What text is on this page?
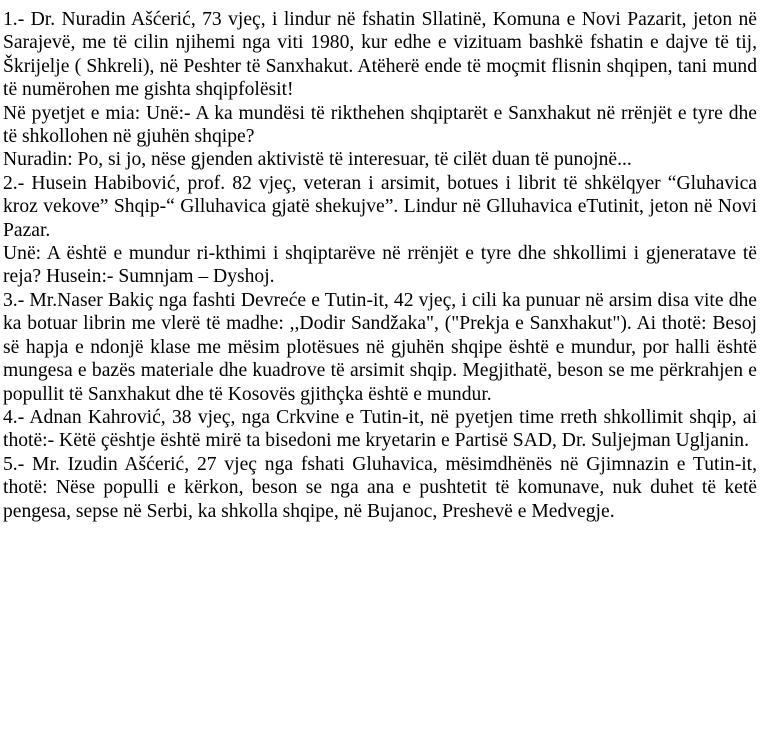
1.- Dr. Nuradin Ašćerić, 73 vjeç, i lindur në fshatin Sllatinë, Komuna e Novi Pazarit, jeton në Sarajevë, me të cilin njihemi nga viti 1980, kur edhe e vizituam bashkë fshatin e dajve të tij, Škrijelje ( Shkreli), në Peshter të Sanxhakut. Atëherë ende të moçmit flisnin shqipen, tani mund të numërohen me gishta shqipfolësit!

Në pyetjet e mia: Unë:- A ka mundësi të rikthehen shqiptarët e Sanxhakut në rrënjët e tyre dhe të shkollohen në gjuhën shqipe?

Nuradin: Po, si jo, nëse gjenden aktivistë të interesuar, të cilët duan të punojnë...

2.- Husein Habibović, prof. 82 vjeç, veteran i arsimit, botues i librit të shkëlqyer “Gluhavica kroz vekove” Shqip-“ Glluhavica gjatë shekujve”. Lindur në Glluhavica eTutinit, jeton në Novi Pazar.

Unë: A është e mundur ri-kthimi i shqiptarëve në rrënjët e tyre dhe shkollimi i gjeneratave të reja? Husein:- Sumnjam – Dyshoj.

3.- Mr.Naser Bakiç nga fashti Devreće e Tutin-it, 42 vjeç, i cili ka punuar në arsim disa vite dhe ka botuar librin me vlerë të madhe: ,,Dodir Sandžaka", ("Prekja e Sanxhakut"). Ai thotë: Besoj së hapja e ndonjë klase me mësim plotësues në gjuhën shqipe është e mundur, por halli është mungesa e bazës materiale dhe kuadrove të arsimit shqip. Megjithatë, beson se me përkrahjen e popullit të Sanxhakut dhe të Kosovës gjithçka është e mundur.

4.- Adnan Kahrović, 38 vjeç, nga Crkvine e Tutin-it, në pyetjen time rreth shkollimit shqip, ai thotë:- Këtë çështje është mirë ta bisedoni me kryetarin e Partisë SAD, Dr. Suljejman Ugljanin.

5.- Mr. Izudin Ašćerić, 27 vjeç nga fshati Gluhavica, mësimdhënës në Gjimnazin e Tutin-it, thotë: Nëse populli e kërkon, beson se nga ana e pushtetit të komunave, nuk duhet të ketë pengesa, sepse në Serbi, ka shkolla shqipe, në Bujanoc, Preshevë e Medvegje.
